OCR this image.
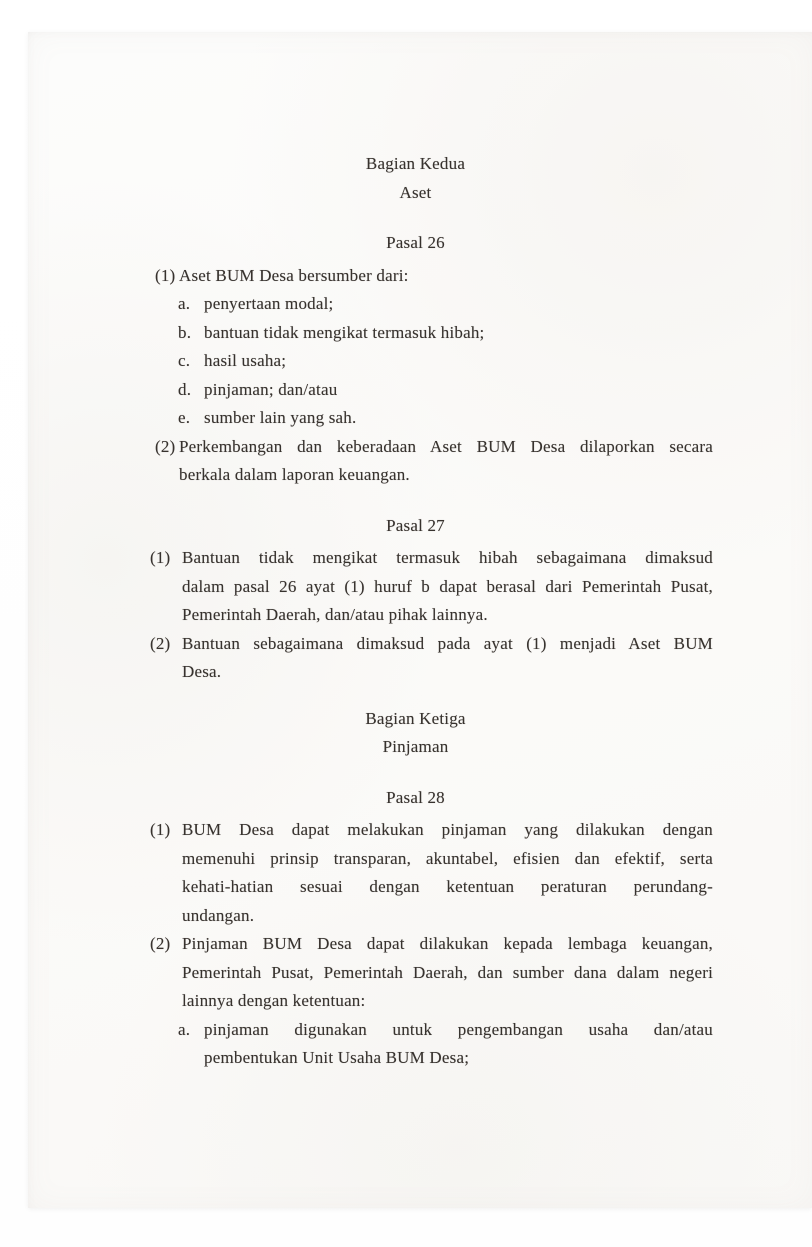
Bagian Kedua
Aset
Pasal 26
(1) Aset BUM Desa bersumber dari:
a. penyertaan modal;
b. bantuan tidak mengikat termasuk hibah;
c. hasil usaha;
d. pinjaman; dan/atau
e. sumber lain yang sah.
(2) Perkembangan dan keberadaan Aset BUM Desa dilaporkan secara
berkala dalam laporan keuangan.
Pasal 27
(1) Bantuan tidak mengikat termasuk hibah sebagaimana dimaksud
dalam pasal 26 ayat (1) huruf b dapat berasal dari Pemerintah Pusat,
Pemerintah Daerah, dan/atau pihak lainnya.
(2) Bantuan sebagaimana dimaksud pada ayat (1) menjadi Aset BUM
Desa.
Bagian Ketiga
Pinjaman
Pasal 28
(1) BUM Desa dapat melakukan pinjaman yang dilakukan dengan
memenuhi prinsip transparan, akuntabel, efisien dan efektif, serta
kehati-hatian sesuai dengan ketentuan peraturan perundang-
undangan.
(2) Pinjaman BUM Desa dapat dilakukan kepada lembaga keuangan,
Pemerintah Pusat, Pemerintah Daerah, dan sumber dana dalam negeri
lainnya dengan ketentuan:
a. pinjaman digunakan untuk pengembangan usaha dan/atau
pembentukan Unit Usaha BUM Desa;
